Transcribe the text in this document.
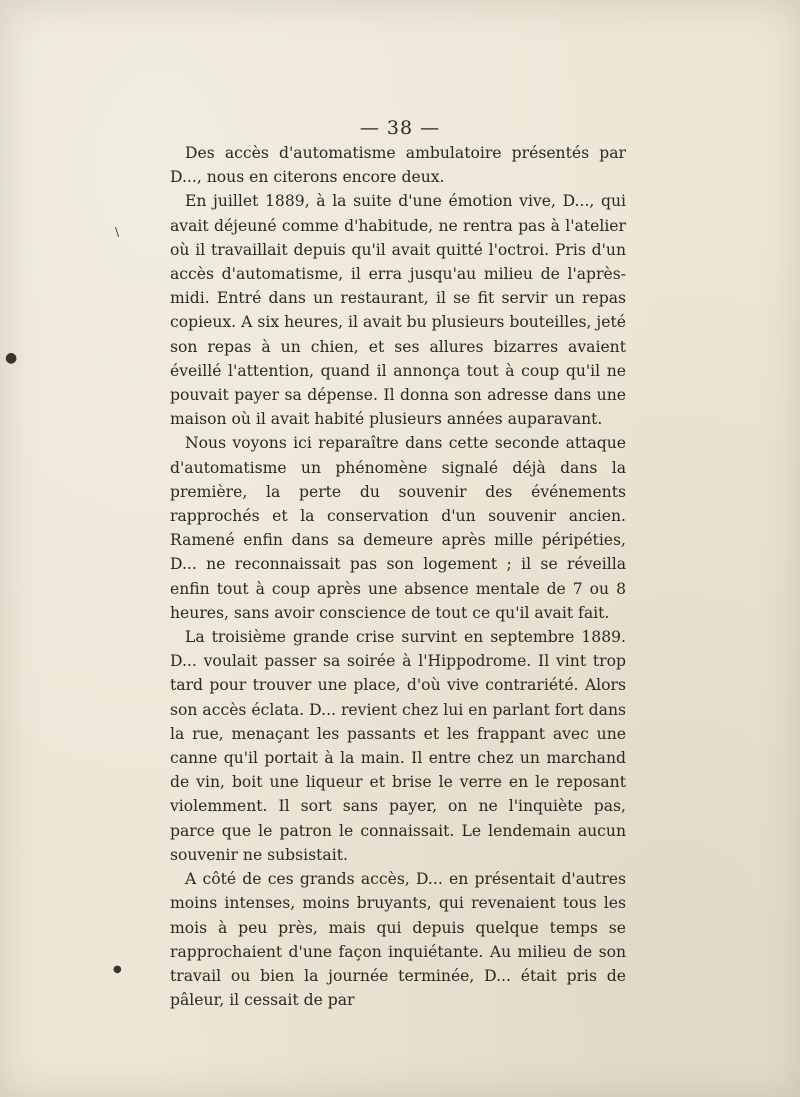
— 38 —

Des accès d'automatisme ambulatoire présentés par D..., nous en citerons encore deux.

En juillet 1889, à la suite d'une émotion vive, D..., qui avait déjeuné comme d'habitude, ne rentra pas à l'atelier où il travaillait depuis qu'il avait quitté l'octroi. Pris d'un accès d'automatisme, il erra jusqu'au milieu de l'après-midi. Entré dans un restaurant, il se fit servir un repas copieux. A six heures, il avait bu plusieurs bouteilles, jeté son repas à un chien, et ses allures bizarres avaient éveillé l'attention, quand il annonça tout à coup qu'il ne pouvait payer sa dépense. Il donna son adresse dans une maison où il avait habité plusieurs années auparavant.

Nous voyons ici reparaître dans cette seconde attaque d'automatisme un phénomène signalé déjà dans la première, la perte du souvenir des événements rapprochés et la conservation d'un souvenir ancien. Ramené enfin dans sa demeure après mille péripéties, D... ne reconnaissait pas son logement ; il se réveilla enfin tout à coup après une absence mentale de 7 ou 8 heures, sans avoir conscience de tout ce qu'il avait fait.

La troisième grande crise survint en septembre 1889. D... voulait passer sa soirée à l'Hippodrome. Il vint trop tard pour trouver une place, d'où vive contrariété. Alors son accès éclata. D... revient chez lui en parlant fort dans la rue, menaçant les passants et les frappant avec une canne qu'il portait à la main. Il entre chez un marchand de vin, boit une liqueur et brise le verre en le reposant violemment. Il sort sans payer, on ne l'inquiète pas, parce que le patron le connaissait. Le lendemain aucun souvenir ne subsistait.

A côté de ces grands accès, D... en présentait d'autres moins intenses, moins bruyants, qui revenaient tous les mois à peu près, mais qui depuis quelque temps se rapprochaient d'une façon inquiétante. Au milieu de son travail ou bien la journée terminée, D... était pris de pâleur, il cessait de par

\
●
●
